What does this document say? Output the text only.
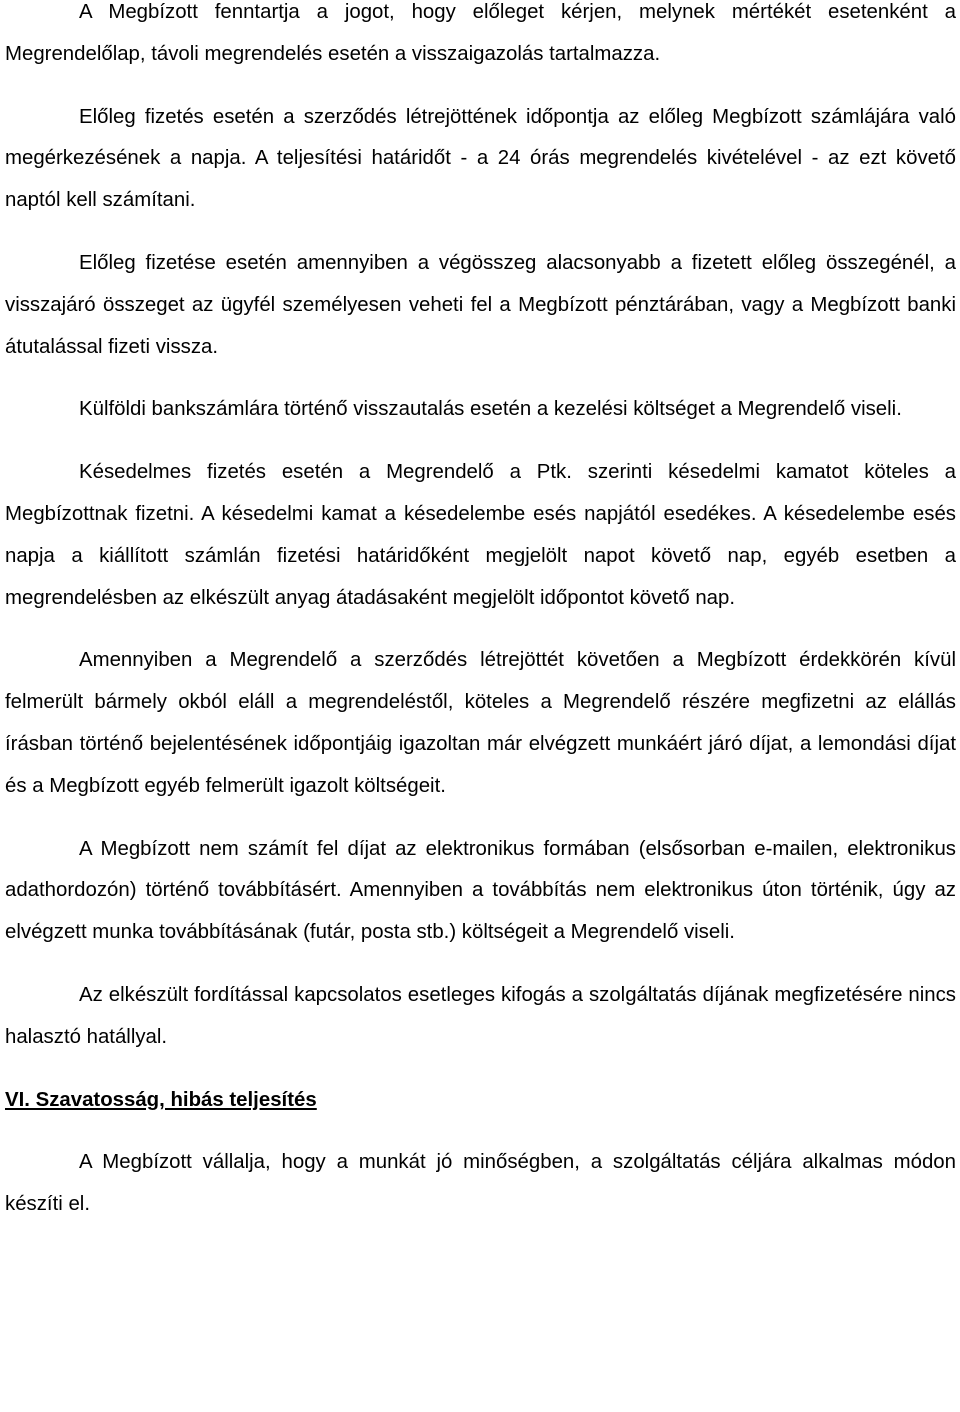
A Megbízott fenntartja a jogot, hogy előleget kérjen, melynek mértékét esetenként a Megrendelőlap, távoli megrendelés esetén a visszaigazolás tartalmazza.

Előleg fizetés esetén a szerződés létrejöttének időpontja az előleg Megbízott számlájára való megérkezésének a napja. A teljesítési határidőt - a 24 órás megrendelés kivételével - az ezt követő naptól kell számítani.

Előleg fizetése esetén amennyiben a végösszeg alacsonyabb a fizetett előleg összegénél, a visszajáró összeget az ügyfél személyesen veheti fel a Megbízott pénztárában, vagy a Megbízott banki átutalással fizeti vissza.

Külföldi bankszámlára történő visszautalás esetén a kezelési költséget a Megrendelő viseli.

Késedelmes fizetés esetén a Megrendelő a Ptk. szerinti késedelmi kamatot köteles a Megbízottnak fizetni. A késedelmi kamat a késedelembe esés napjától esedékes. A késedelembe esés napja a kiállított számlán fizetési határidőként megjelölt napot követő nap, egyéb esetben a megrendelésben az elkészült anyag átadásaként megjelölt időpontot követő nap.

Amennyiben a Megrendelő a szerződés létrejöttét követően a Megbízott érdekkörén kívül felmerült bármely okból eláll a megrendeléstől, köteles a Megrendelő részére megfizetni az elállás írásban történő bejelentésének időpontjáig igazoltan már elvégzett munkáért járó díjat, a lemondási díjat és a Megbízott egyéb felmerült igazolt költségeit.

A Megbízott nem számít fel díjat az elektronikus formában (elsősorban e-mailen, elektronikus adathordozón) történő továbbításért. Amennyiben a továbbítás nem elektronikus úton történik, úgy az elvégzett munka továbbításának (futár, posta stb.) költségeit a Megrendelő viseli.

Az elkészült fordítással kapcsolatos esetleges kifogás a szolgáltatás díjának megfizetésére nincs halasztó hatállyal.

VI. Szavatosság, hibás teljesítés

A Megbízott vállalja, hogy a munkát jó minőségben, a szolgáltatás céljára alkalmas módon készíti el.
